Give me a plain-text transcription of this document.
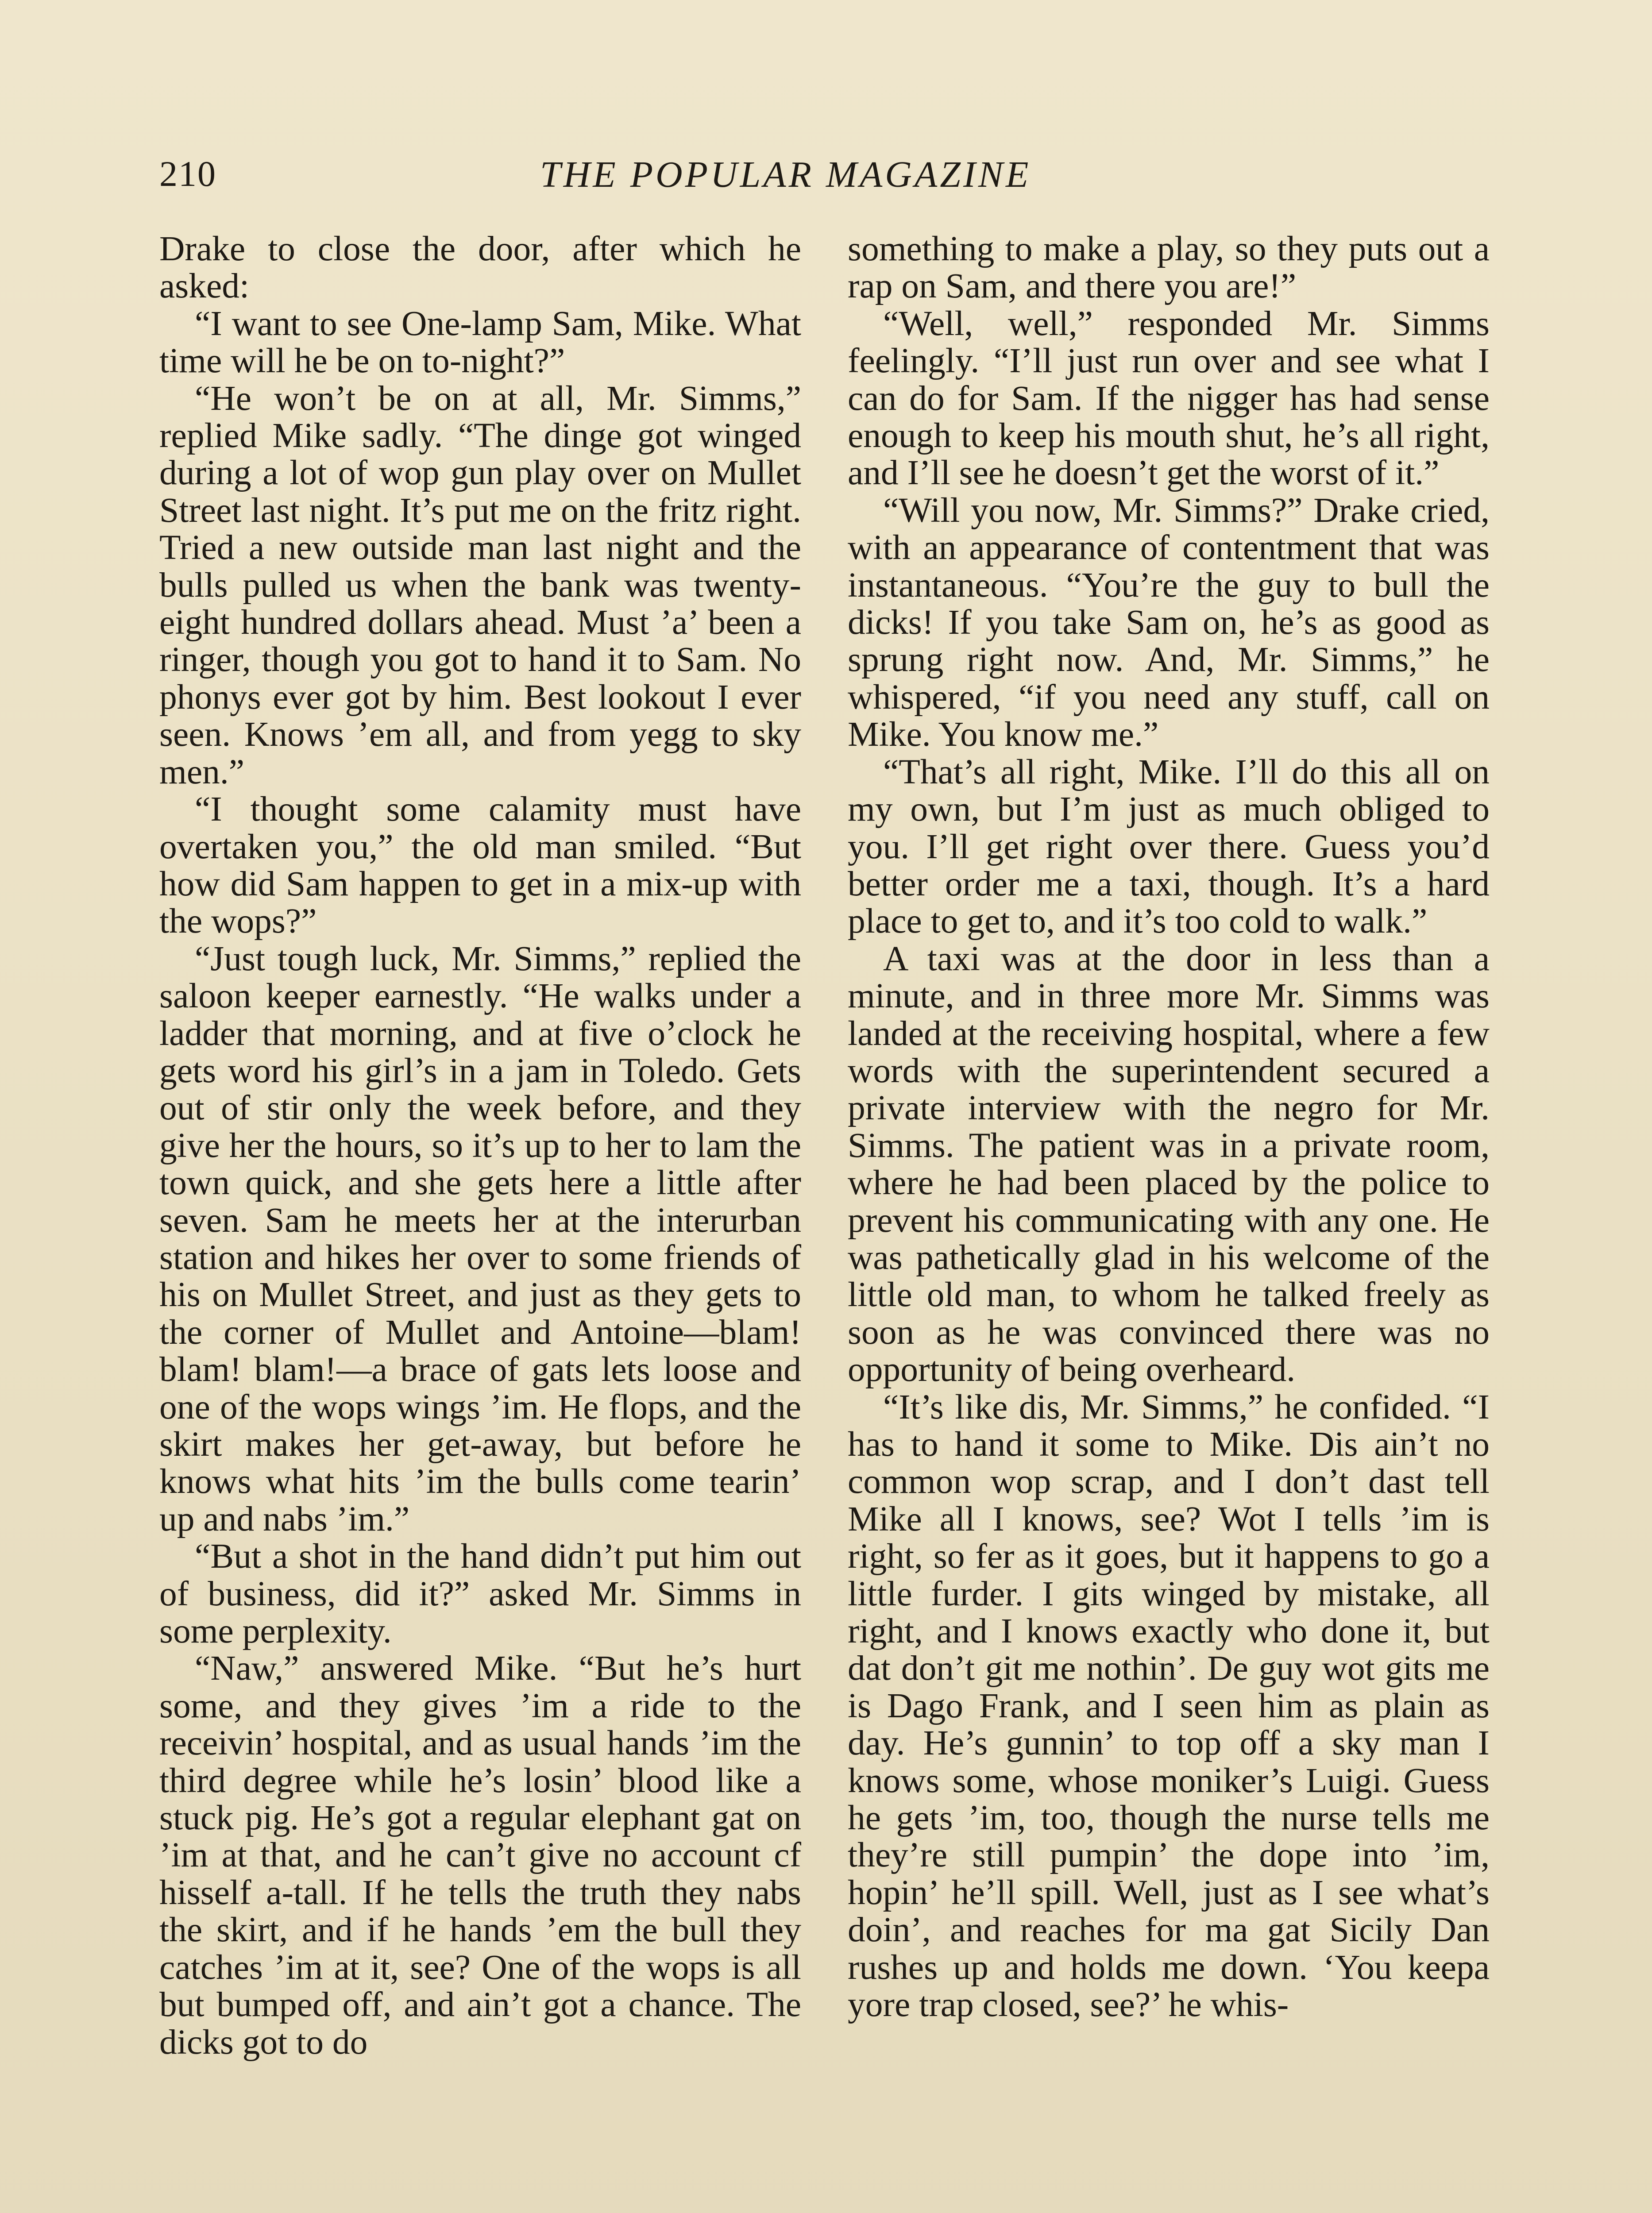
210	THE POPULAR MAGAZINE

Drake to close the door, after which he asked:

“I want to see One-lamp Sam, Mike. What time will he be on to-night?”

“He won’t be on at all, Mr. Simms,” replied Mike sadly. “The dinge got winged during a lot of wop gun play over on Mullet Street last night. It’s put me on the fritz right. Tried a new outside man last night and the bulls pulled us when the bank was twenty-eight hundred dollars ahead. Must ’a’ been a ringer, though you got to hand it to Sam. No phonys ever got by him. Best lookout I ever seen. Knows ’em all, and from yegg to sky men.”

“I thought some calamity must have overtaken you,” the old man smiled. “But how did Sam happen to get in a mix-up with the wops?”

“Just tough luck, Mr. Simms,” replied the saloon keeper earnestly. “He walks under a ladder that morning, and at five o’clock he gets word his girl’s in a jam in Toledo. Gets out of stir only the week before, and they give her the hours, so it’s up to her to lam the town quick, and she gets here a little after seven. Sam he meets her at the interurban station and hikes her over to some friends of his on Mullet Street, and just as they gets to the corner of Mullet and Antoine—blam! blam! blam!—a brace of gats lets loose and one of the wops wings ’im. He flops, and the skirt makes her get-away, but before he knows what hits ’im the bulls come tearin’ up and nabs ’im.”

“But a shot in the hand didn’t put him out of business, did it?” asked Mr. Simms in some perplexity.

“Naw,” answered Mike. “But he’s hurt some, and they gives ’im a ride to the receivin’ hospital, and as usual hands ’im the third degree while he’s losin’ blood like a stuck pig. He’s got a regular elephant gat on ’im at that, and he can’t give no account cf hisself a-tall. If he tells the truth they nabs the skirt, and if he hands ’em the bull they catches ’im at it, see? One of the wops is all but bumped off, and ain’t got a chance. The dicks got to do

something to make a play, so they puts out a rap on Sam, and there you are!”

“Well, well,” responded Mr. Simms feelingly. “I’ll just run over and see what I can do for Sam. If the nigger has had sense enough to keep his mouth shut, he’s all right, and I’ll see he doesn’t get the worst of it.”

“Will you now, Mr. Simms?” Drake cried, with an appearance of contentment that was instantaneous. “You’re the guy to bull the dicks! If you take Sam on, he’s as good as sprung right now. And, Mr. Simms,” he whispered, “if you need any stuff, call on Mike. You know me.”

“That’s all right, Mike. I’ll do this all on my own, but I’m just as much obliged to you. I’ll get right over there. Guess you’d better order me a taxi, though. It’s a hard place to get to, and it’s too cold to walk.”

A taxi was at the door in less than a minute, and in three more Mr. Simms was landed at the receiving hospital, where a few words with the superintendent secured a private interview with the negro for Mr. Simms. The patient was in a private room, where he had been placed by the police to prevent his communicating with any one. He was pathetically glad in his welcome of the little old man, to whom he talked freely as soon as he was convinced there was no opportunity of being overheard.

“It’s like dis, Mr. Simms,” he confided. “I has to hand it some to Mike. Dis ain’t no common wop scrap, and I don’t dast tell Mike all I knows, see? Wot I tells ’im is right, so fer as it goes, but it happens to go a little furder. I gits winged by mistake, all right, and I knows exactly who done it, but dat don’t git me nothin’. De guy wot gits me is Dago Frank, and I seen him as plain as day. He’s gunnin’ to top off a sky man I knows some, whose moniker’s Luigi. Guess he gets ’im, too, though the nurse tells me they’re still pumpin’ the dope into ’im, hopin’ he’ll spill. Well, just as I see what’s doin’, and reaches for ma gat Sicily Dan rushes up and holds me down. ‘You keepa yore trap closed, see?’ he whis-
